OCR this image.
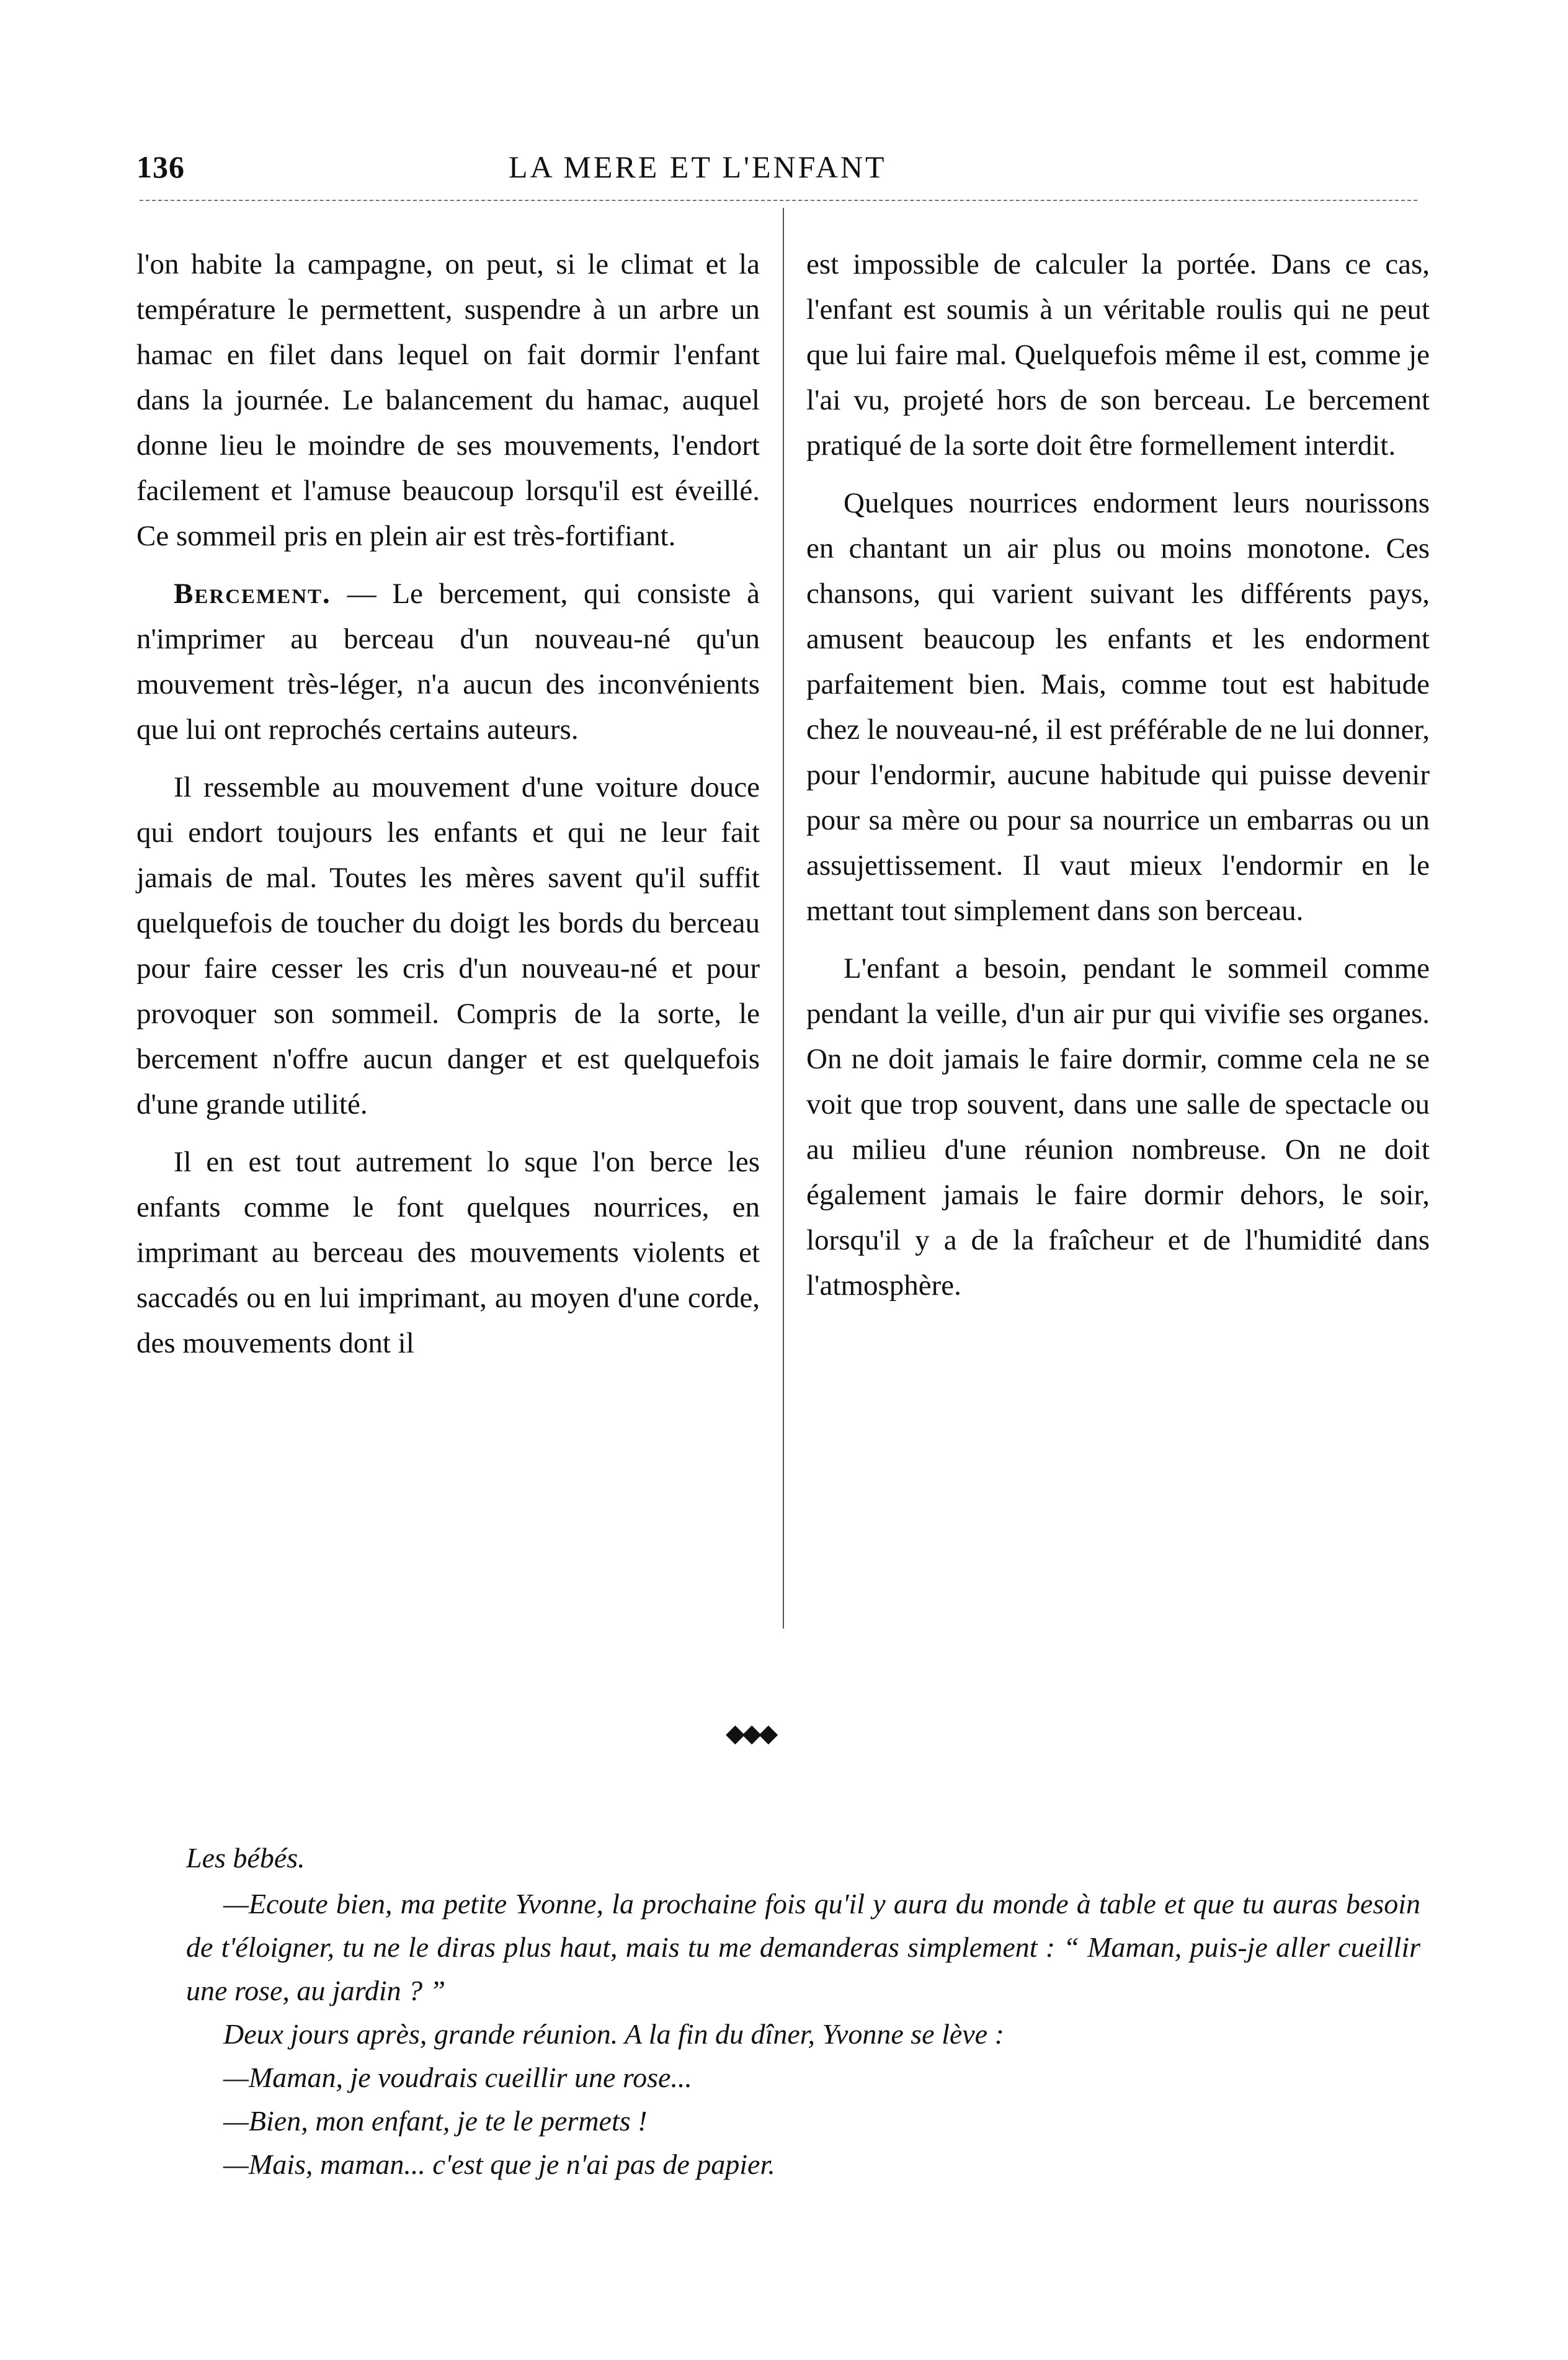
136	LA MERE ET L'ENFANT

l'on habite la campagne, on peut, si le climat et la température le permettent, suspendre à un arbre un hamac en filet dans lequel on fait dormir l'enfant dans la journée. Le balancement du hamac, auquel donne lieu le moindre de ses mouvements, l'endort facilement et l'amuse beaucoup lorsqu'il est éveillé. Ce sommeil pris en plein air est très-fortifiant.

Bercement. — Le bercement, qui consiste à n'imprimer au berceau d'un nouveau-né qu'un mouvement très-léger, n'a aucun des inconvénients que lui ont reprochés certains auteurs.

Il ressemble au mouvement d'une voiture douce qui endort toujours les enfants et qui ne leur fait jamais de mal. Toutes les mères savent qu'il suffit quelquefois de toucher du doigt les bords du berceau pour faire cesser les cris d'un nouveau-né et pour provoquer son sommeil. Compris de la sorte, le bercement n'offre aucun danger et est quelquefois d'une grande utilité.

Il en est tout autrement lo sque l'on berce les enfants comme le font quelques nourrices, en imprimant au berceau des mouvements violents et saccadés ou en lui imprimant, au moyen d'une corde, des mouvements dont il

est impossible de calculer la portée. Dans ce cas, l'enfant est soumis à un véritable roulis qui ne peut que lui faire mal. Quelquefois même il est, comme je l'ai vu, projeté hors de son berceau. Le bercement pratiqué de la sorte doit être formellement interdit.

Quelques nourrices endorment leurs nourissons en chantant un air plus ou moins monotone. Ces chansons, qui varient suivant les différents pays, amusent beaucoup les enfants et les endorment parfaitement bien. Mais, comme tout est habitude chez le nouveau-né, il est préférable de ne lui donner, pour l'endormir, aucune habitude qui puisse devenir pour sa mère ou pour sa nourrice un embarras ou un assujettissement. Il vaut mieux l'endormir en le mettant tout simplement dans son berceau.

L'enfant a besoin, pendant le sommeil comme pendant la veille, d'un air pur qui vivifie ses organes. On ne doit jamais le faire dormir, comme cela ne se voit que trop souvent, dans une salle de spectacle ou au milieu d'une réunion nombreuse. On ne doit également jamais le faire dormir dehors, le soir, lorsqu'il y a de la fraîcheur et de l'humidité dans l'atmosphère.

◆◆◆
Les bébés.

—Ecoute bien, ma petite Yvonne, la prochaine fois qu'il y aura du monde à table et que tu auras besoin de t'éloigner, tu ne le diras plus haut, mais tu me demanderas simplement : “ Maman, puis-je aller cueillir une rose, au jardin ? ”

Deux jours après, grande réunion. A la fin du dîner, Yvonne se lève :

—Maman, je voudrais cueillir une rose...

—Bien, mon enfant, je te le permets !

—Mais, maman... c'est que je n'ai pas de papier.
